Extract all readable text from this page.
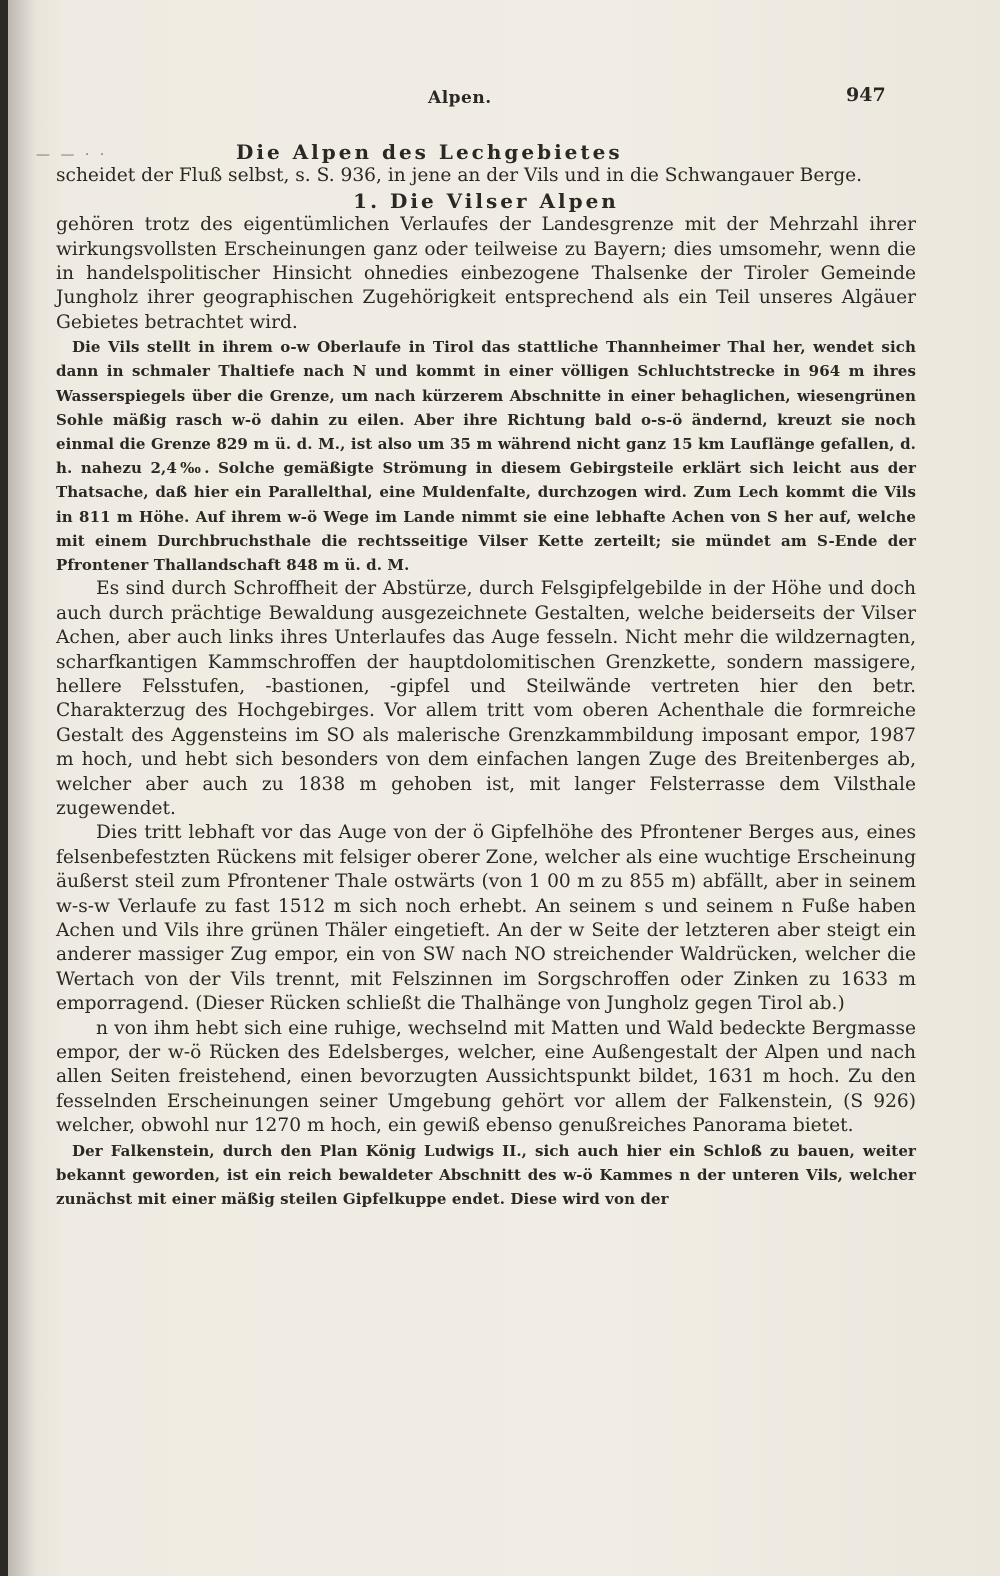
Alpen.	947
— — · ·	Die Alpen des Lechgebietes

scheidet der Fluß selbst, s. S. 936, in jene an der Vils und in die Schwangauer Berge.

1. Die Vilser Alpen

gehören trotz des eigentümlichen Verlaufes der Landesgrenze mit der Mehrzahl ihrer wirkungsvollsten Erscheinungen ganz oder teilweise zu Bayern; dies umsomehr, wenn die in handelspolitischer Hinsicht ohnedies einbezogene Thalsenke der Tiroler Gemeinde Jungholz ihrer geographischen Zugehörigkeit entsprechend als ein Teil unseres Algäuer Gebietes betrachtet wird.

Die Vils stellt in ihrem o-w Oberlaufe in Tirol das stattliche Thannheimer Thal her, wendet sich dann in schmaler Thaltiefe nach N und kommt in einer völligen Schluchtstrecke in 964 m ihres Wasserspiegels über die Grenze, um nach kürzerem Abschnitte in einer behaglichen, wiesengrünen Sohle mäßig rasch w-ö dahin zu eilen. Aber ihre Richtung bald o-s-ö ändernd, kreuzt sie noch einmal die Grenze 829 m ü. d. M., ist also um 35 m während nicht ganz 15 km Lauflänge gefallen, d. h. nahezu 2,4‰. Solche gemäßigte Strömung in diesem Gebirgsteile erklärt sich leicht aus der Thatsache, daß hier ein Parallelthal, eine Muldenfalte, durchzogen wird. Zum Lech kommt die Vils in 811 m Höhe. Auf ihrem w-ö Wege im Lande nimmt sie eine lebhafte Achen von S her auf, welche mit einem Durchbruchsthale die rechtsseitige Vilser Kette zerteilt; sie mündet am S-Ende der Pfrontener Thallandschaft 848 m ü. d. M.

Es sind durch Schroffheit der Abstürze, durch Felsgipfelgebilde in der Höhe und doch auch durch prächtige Bewaldung ausgezeichnete Gestalten, welche beiderseits der Vilser Achen, aber auch links ihres Unterlaufes das Auge fesseln. Nicht mehr die wildzernagten, scharfkantigen Kammschroffen der hauptdolomitischen Grenzkette, sondern massigere, hellere Felsstufen, -bastionen, -gipfel und Steilwände vertreten hier den betr. Charakterzug des Hochgebirges. Vor allem tritt vom oberen Achenthale die formreiche Gestalt des Aggensteins im SO als malerische Grenzkammbildung imposant empor, 1987 m hoch, und hebt sich besonders von dem einfachen langen Zuge des Breitenberges ab, welcher aber auch zu 1838 m gehoben ist, mit langer Felsterrasse dem Vilsthale zugewendet.

Dies tritt lebhaft vor das Auge von der ö Gipfelhöhe des Pfrontener Berges aus, eines felsenbefestzten Rückens mit felsiger oberer Zone, welcher als eine wuchtige Erscheinung äußerst steil zum Pfrontener Thale ostwärts (von 1 00 m zu 855 m) abfällt, aber in seinem w-s-w Verlaufe zu fast 1512 m sich noch erhebt. An seinem s und seinem n Fuße haben Achen und Vils ihre grünen Thäler eingetieft. An der w Seite der letzteren aber steigt ein anderer massiger Zug empor, ein von SW nach NO streichender Waldrücken, welcher die Wertach von der Vils trennt, mit Felszinnen im Sorgschroffen oder Zinken zu 1633 m emporragend. (Dieser Rücken schließt die Thalhänge von Jungholz gegen Tirol ab.)

n von ihm hebt sich eine ruhige, wechselnd mit Matten und Wald bedeckte Bergmasse empor, der w-ö Rücken des Edelsberges, welcher, eine Außengestalt der Alpen und nach allen Seiten freistehend, einen bevorzugten Aussichtspunkt bildet, 1631 m hoch. Zu den fesselnden Erscheinungen seiner Umgebung gehört vor allem der Falkenstein, (S 926) welcher, obwohl nur 1270 m hoch, ein gewiß ebenso genußreiches Panorama bietet.

Der Falkenstein, durch den Plan König Ludwigs II., sich auch hier ein Schloß zu bauen, weiter bekannt geworden, ist ein reich bewaldeter Abschnitt des w-ö Kammes n der unteren Vils, welcher zunächst mit einer mäßig steilen Gipfelkuppe endet. Diese wird von der
